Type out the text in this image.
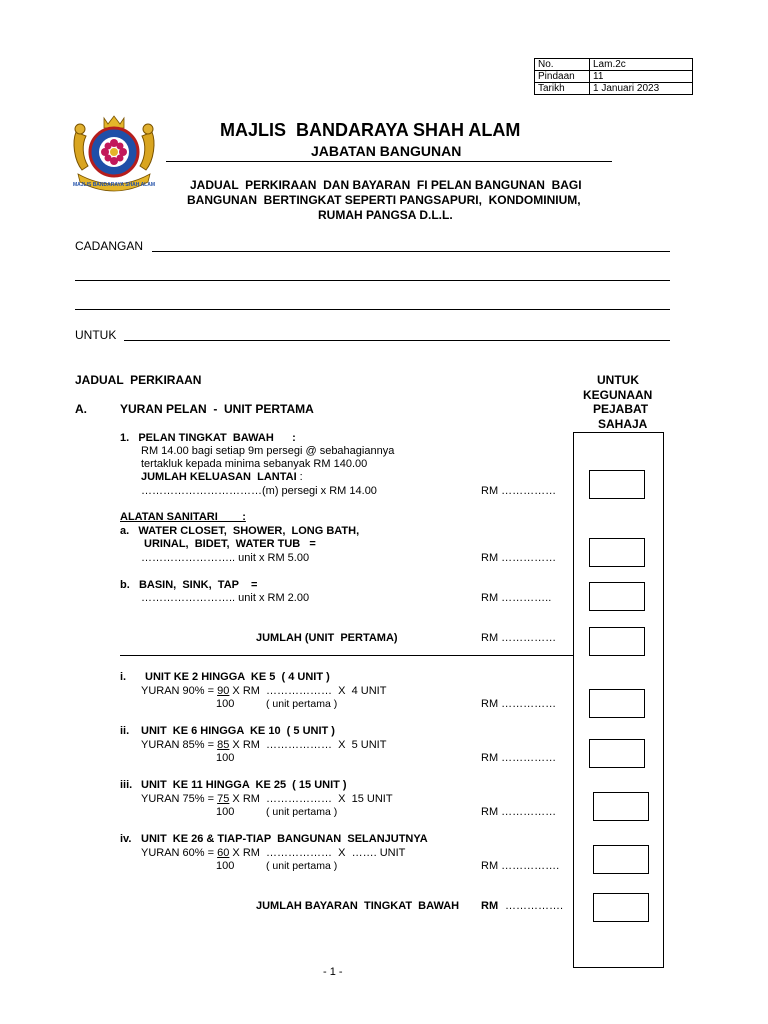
No.	Lam.2c
Pindaan	11
Tarikh	1 Januari 2023
MAJLIS BANDARAYA SHAH ALAM
MAJLIS  BANDARAYA SHAH ALAM
JABATAN BANGUNAN
JADUAL  PERKIRAAN  DAN BAYARAN  FI PELAN BANGUNAN  BAGI
BANGUNAN  BERTINGKAT SEPERTI PANGSAPURI,  KONDOMINIUM,
RUMAH PANGSA D.L.L.
CADANGAN
UNTUK
JADUAL  PERKIRAAN	UNTUK
KEGUNAAN
PEJABAT
SAHAJA
A.	YURAN PELAN  -  UNIT PERTAMA
1.   PELAN TINGKAT  BAWAH      :
RM 14.00 bagi setiap 9m persegi @ sebahagiannya
tertakluk kepada minima sebanyak RM 140.00
JUMLAH KELUASAN  LANTAI :
……………………………(m) persegi x RM 14.00	RM ……………
ALATAN SANITARI        :
a.   WATER CLOSET,  SHOWER,  LONG BATH,
URINAL,  BIDET,  WATER TUB   =
…………………….. unit x RM 5.00	RM ……………
b.   BASIN,  SINK,  TAP    =
…………………….. unit x RM 2.00	RM …………..
JUMLAH (UNIT  PERTAMA)	RM ……………
i. UNIT KE 2 HINGGA  KE 5  ( 4 UNIT )
YURAN 90% = 90 X RM  ………………  X  4 UNIT
100	( unit pertama )	RM ……………
ii. UNIT  KE 6 HINGGA  KE 10  ( 5 UNIT )
YURAN 85% = 85 X RM  ………………  X  5 UNIT
100	RM ……………
iii. UNIT  KE 11 HINGGA  KE 25  ( 15 UNIT )
YURAN 75% = 75 X RM  ………………  X  15 UNIT
100	( unit pertama )	RM ……………
iv. UNIT  KE 26 & TIAP-TIAP  BANGUNAN  SELANJUTNYA
YURAN 60% = 60 X RM  ………………  X  ……. UNIT
100	( unit pertama )	RM …………….
JUMLAH BAYARAN  TINGKAT  BAWAH RM …………….
- 1 -
